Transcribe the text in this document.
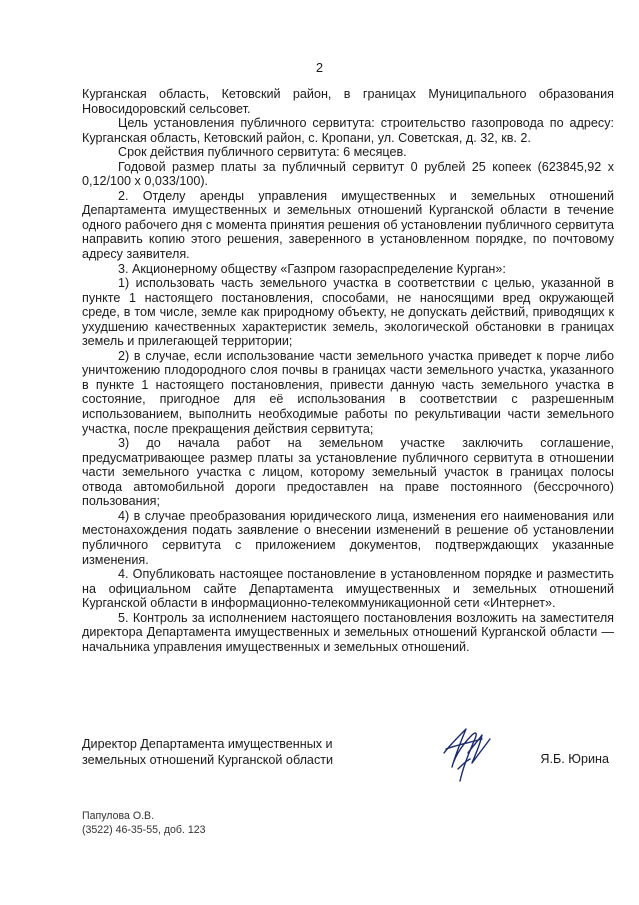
2

Курганская область, Кетовский район, в границах Муниципального образования Новосидоровский сельсовет.

Цель установления публичного сервитута: строительство газопровода по адресу: Курганская область, Кетовский район, с. Кропани, ул. Советская, д. 32, кв. 2.

Срок действия публичного сервитута: 6 месяцев.

Годовой размер платы за публичный сервитут 0 рублей 25 копеек (623845,92 х 0,12/100 х 0,033/100).

2. Отделу аренды управления имущественных и земельных отношений Департамента имущественных и земельных отношений Курганской области в течение одного рабочего дня с момента принятия решения об установлении публичного сервитута направить копию этого решения, заверенного в установленном порядке, по почтовому адресу заявителя.

3. Акционерному обществу «Газпром газораспределение Курган»:

1) использовать часть земельного участка в соответствии с целью, указанной в пункте 1 настоящего постановления, способами, не наносящими вред окружающей среде, в том числе, земле как природному объекту, не допускать действий, приводящих к ухудшению качественных характеристик земель, экологической обстановки в границах земель и прилегающей территории;

2) в случае, если использование части земельного участка приведет к порче либо уничтожению плодородного слоя почвы в границах части земельного участка, указанного в пункте 1 настоящего постановления, привести данную часть земельного участка в состояние, пригодное для её использования в соответствии с разрешенным использованием, выполнить необходимые работы по рекультивации части земельного участка, после прекращения действия сервитута;

3) до начала работ на земельном участке заключить соглашение, предусматривающее размер платы за установление публичного сервитута в отношении части земельного участка с лицом, которому земельный участок в границах полосы отвода автомобильной дороги предоставлен на праве постоянного (бессрочного) пользования;

4) в случае преобразования юридического лица, изменения его наименования или местонахождения подать заявление о внесении изменений в решение об установлении публичного сервитута с приложением документов, подтверждающих указанные изменения.

4. Опубликовать настоящее постановление в установленном порядке и разместить на официальном сайте Департамента имущественных и земельных отношений Курганской области в информационно-телекоммуникационной сети «Интернет».

5. Контроль за исполнением настоящего постановления возложить на заместителя директора Департамента имущественных и земельных отношений Курганской области — начальника управления имущественных и земельных отношений.

Директор Департамента имущественных и
земельных отношений Курганской области	Я.Б. Юрина
Папулова О.В.
(3522) 46-35-55, доб. 123
